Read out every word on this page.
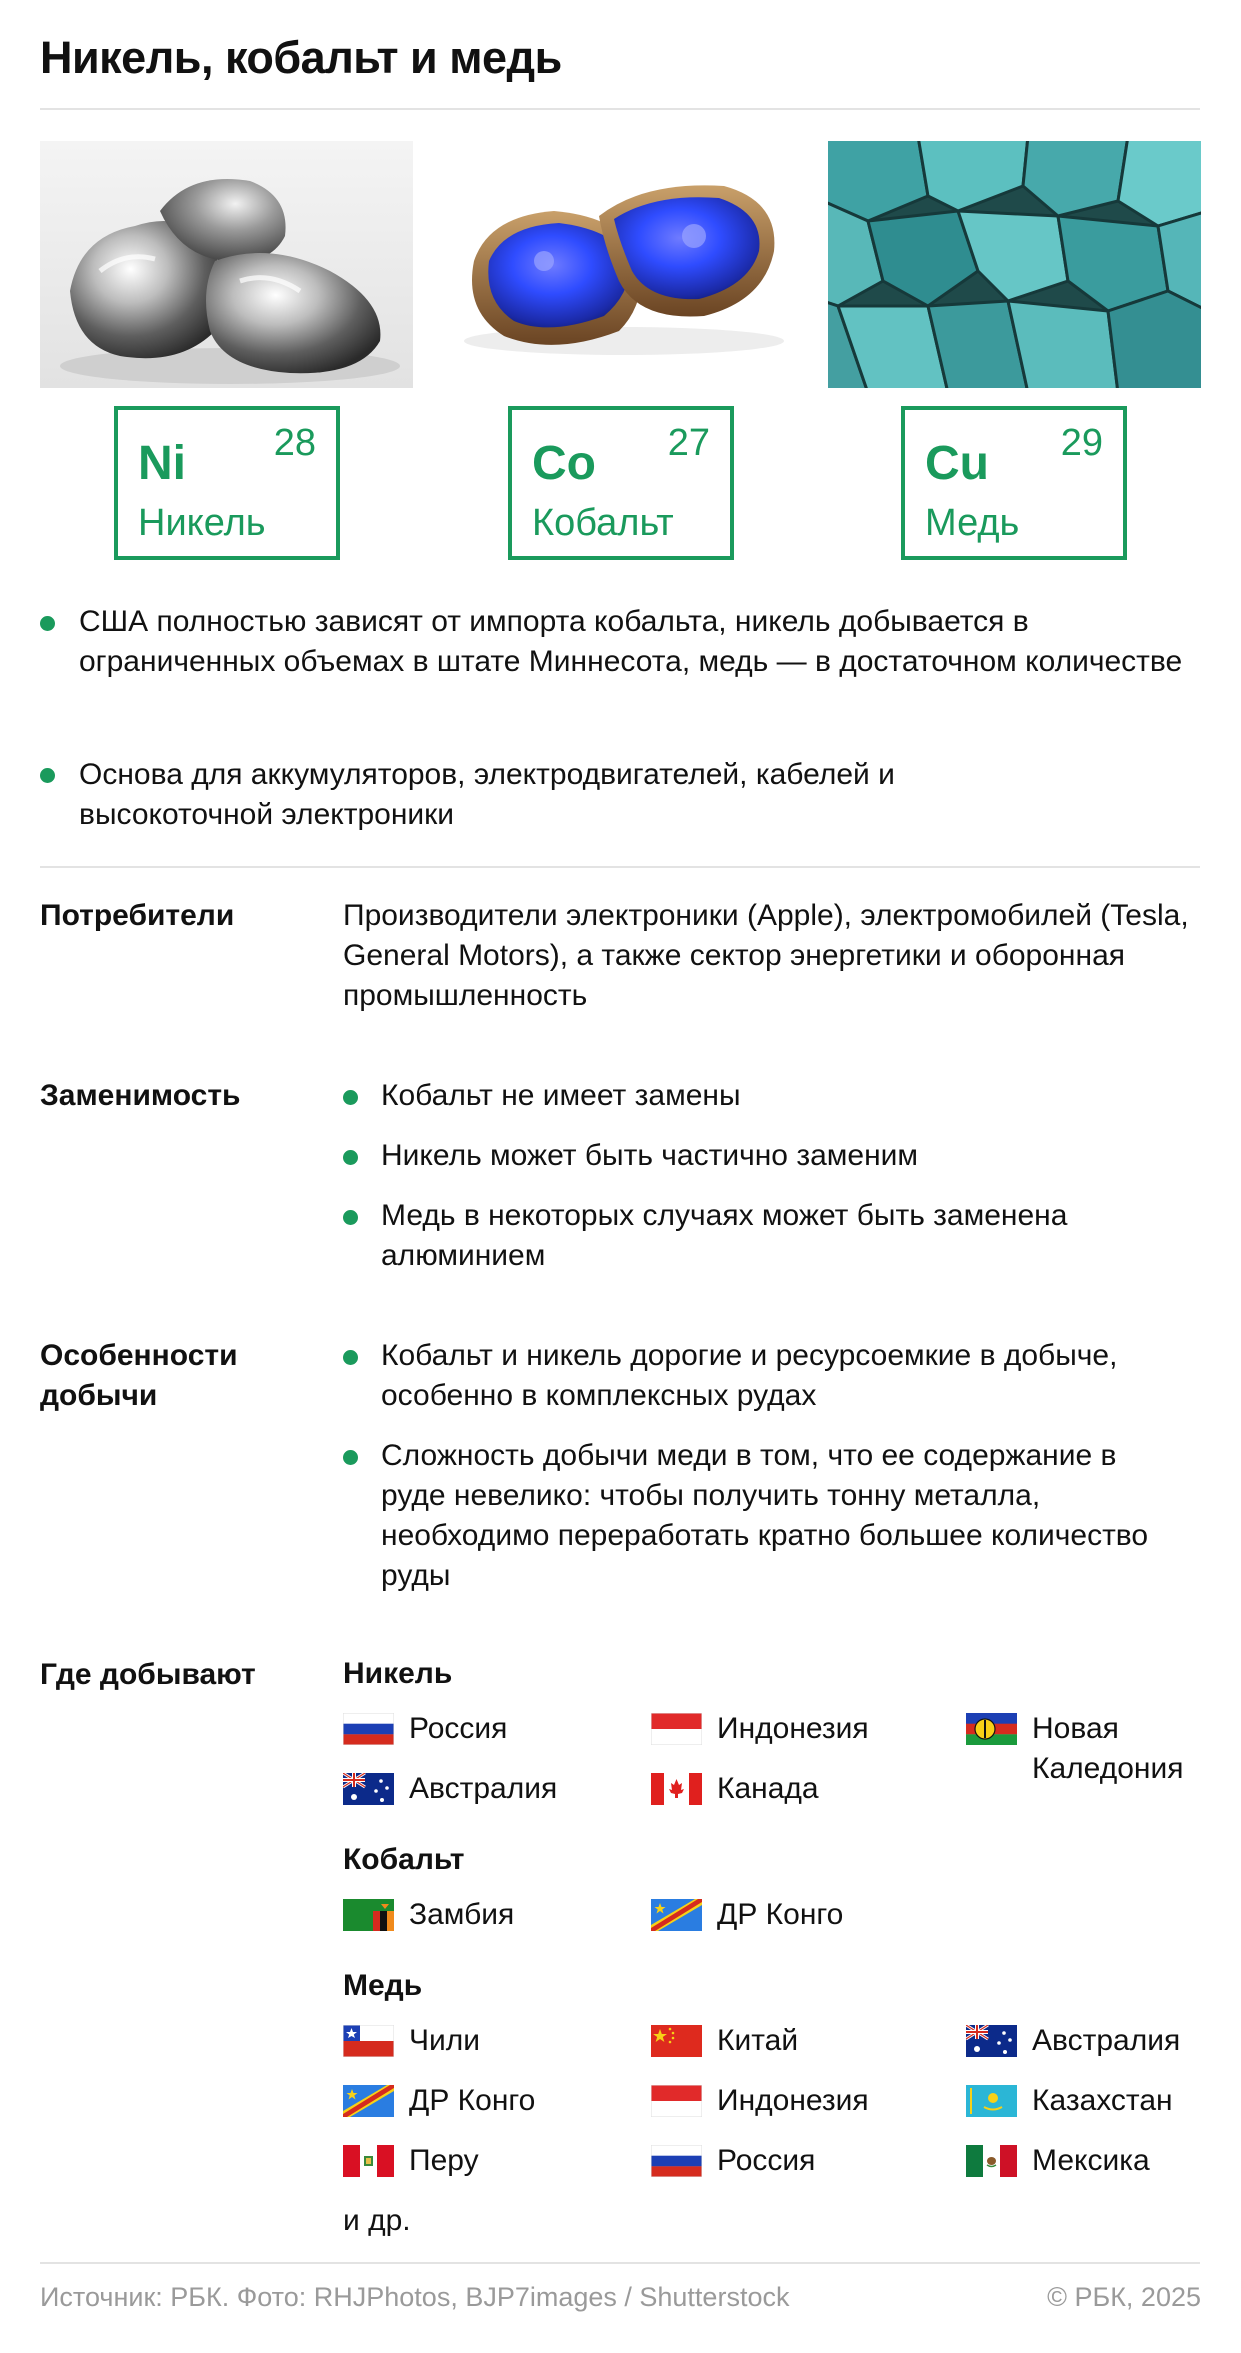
Никель, кобальт и медь
Ni 28
Никель
Co 27
Кобальт
Cu 29
Медь
США полностью зависят от импорта кобальта, никель добывается в ограниченных объемах в штате Миннесота, медь — в достаточном количестве
Основа для аккумуляторов, электродвигателей, кабелей и высокоточной электроники
Потребители	Производители электроники (Apple), электромобилей (Tesla, General Motors), а также сектор энергетики и оборонная промышленность
Заменимость	Кобальт не имеет замены
Никель может быть частично заменим
Медь в некоторых случаях может быть заменена алюминием
Особенности добычи
Кобальт и никель дорогие и ресурсоемкие в добыче, особенно в комплексных рудах
Сложность добычи меди в том, что ее содержание в руде невелико: чтобы получить тонну металла, необходимо переработать кратно большее количество руды
Где добывают	Никель
Россия	Индонезия	Новая Каледония
Австралия	Канада
Кобальт
Замбия	ДР Конго
Медь
Чили	Китай	Австралия
ДР Конго	Индонезия	Казахстан
Перу	Россия	Мексика
и др.
Источник: РБК. Фото: RHJPhotos, BJP7images / Shutterstock	© РБК, 2025
